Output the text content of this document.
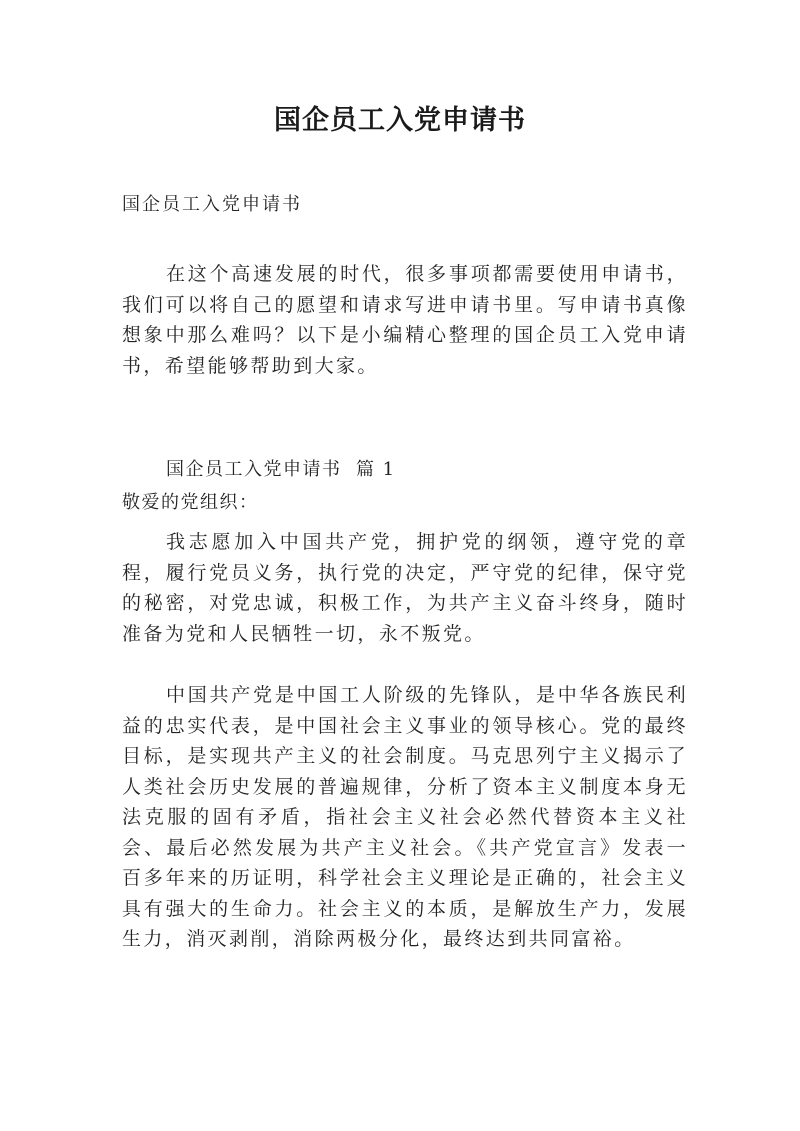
国企员工入党申请书

国企员工入党申请书

在这个高速发展的时代，很多事项都需要使用申请书，我们可以将自己的愿望和请求写进申请书里。写申请书真像想象中那么难吗？以下是小编精心整理的国企员工入党申请书，希望能够帮助到大家。

国企员工入党申请书  篇 1

敬爱的党组织：

我志愿加入中国共产党，拥护党的纲领，遵守党的章程，履行党员义务，执行党的决定，严守党的纪律，保守党的秘密，对党忠诚，积极工作，为共产主义奋斗终身，随时准备为党和人民牺牲一切，永不叛党。

中国共产党是中国工人阶级的先锋队，是中华各族民利益的忠实代表，是中国社会主义事业的领导核心。党的最终目标，是实现共产主义的社会制度。马克思列宁主义揭示了人类社会历史发展的普遍规律，分析了资本主义制度本身无法克服的固有矛盾，指社会主义社会必然代替资本主义社会、最后必然发展为共产主义社会。《共产党宣言》发表一百多年来的历证明，科学社会主义理论是正确的，社会主义具有强大的生命力。社会主义的本质，是解放生产力，发展生力，消灭剥削，消除两极分化，最终达到共同富裕。
